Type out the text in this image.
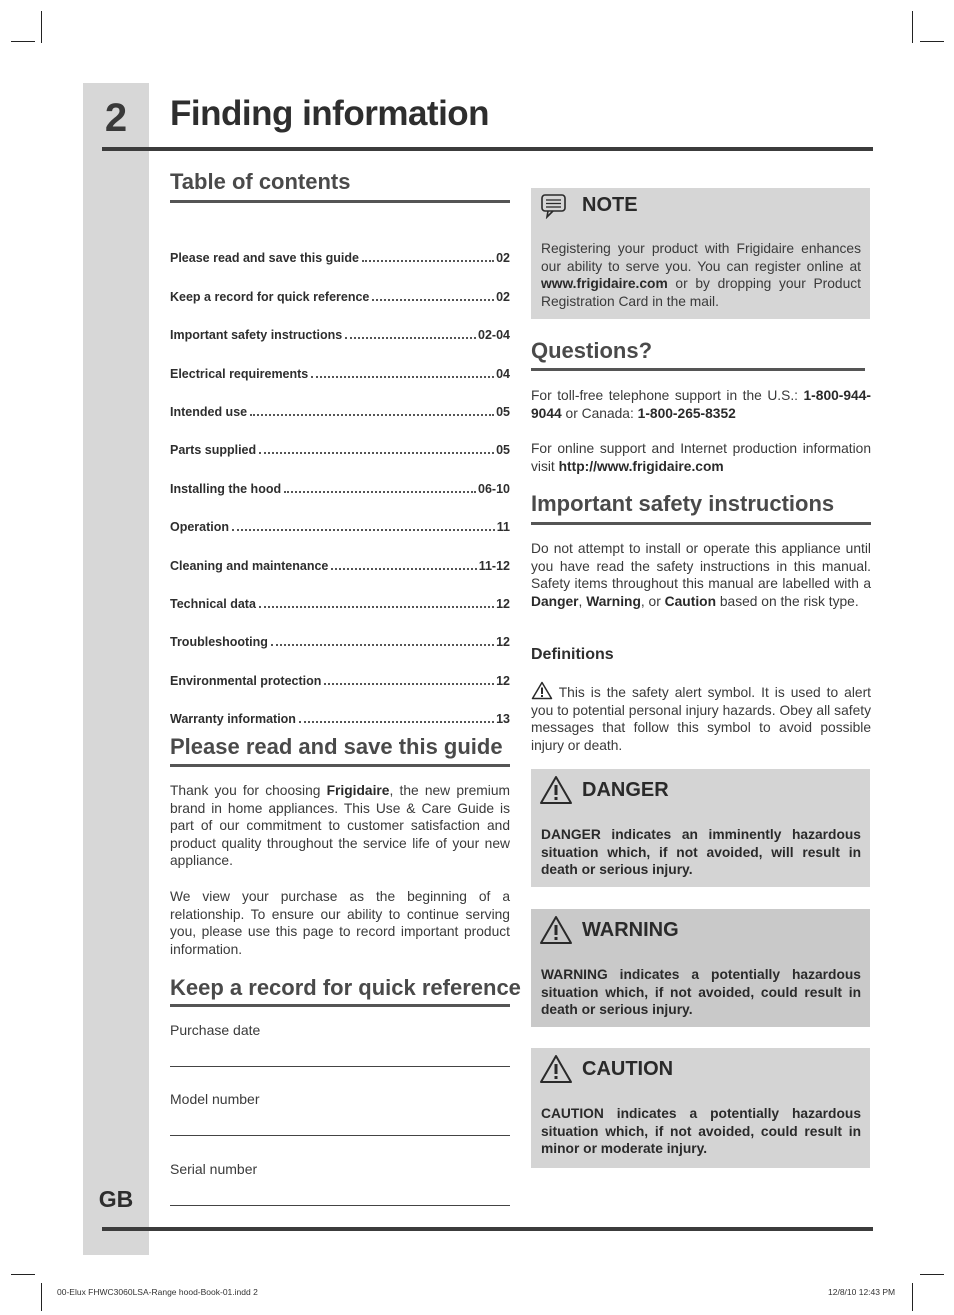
2	Finding information
Table of contents
Please read and save this guide	02
Keep a record for quick reference	02
Important safety instructions	02-04
Electrical requirements	04
Intended use	05
Parts supplied	05
Installing the hood	06-10
Operation	11
Cleaning and maintenance	11-12
Technical data	12
Troubleshooting	12
Environmental protection	12
Warranty information	13
Please read and save this guide
Thank you for choosing Frigidaire, the new premium brand in home appliances. This Use & Care Guide is part of our commitment to customer satisfaction and product quality throughout the service life of your new appliance.
We view your purchase as the beginning of a relationship. To ensure our ability to continue serving you, please use this page to record important product information.
Keep a record for quick reference
Purchase date
Model number
Serial number
GB
NOTE
Registering your product with Frigidaire enhances our ability to serve you. You can register online at www.frigidaire.com or by dropping your Product Registration Card in the mail.
Questions?
For toll-free telephone support in the U.S.: 1-800-944-9044 or Canada: 1-800-265-8352
For online support and Internet production information visit http://www.frigidaire.com
Important safety instructions
Do not attempt to install or operate this appliance until you have read the safety instructions in this manual. Safety items throughout this manual are labelled with a Danger, Warning, or Caution based on the risk type.
Definitions
This is the safety alert symbol. It is used to alert you to potential personal injury hazards. Obey all safety messages that follow this symbol to avoid possible injury or death.
DANGER
DANGER indicates an imminently hazardous situation which, if not avoided, will result in death or serious injury.
WARNING
WARNING indicates a potentially hazardous situation which, if not avoided, could result in death or serious injury.
CAUTION
CAUTION indicates a potentially hazardous situation which, if not avoided, could result in minor or moderate injury.
00-Elux FHWC3060LSA-Range hood-Book-01.indd 2	12/8/10 12:43 PM
